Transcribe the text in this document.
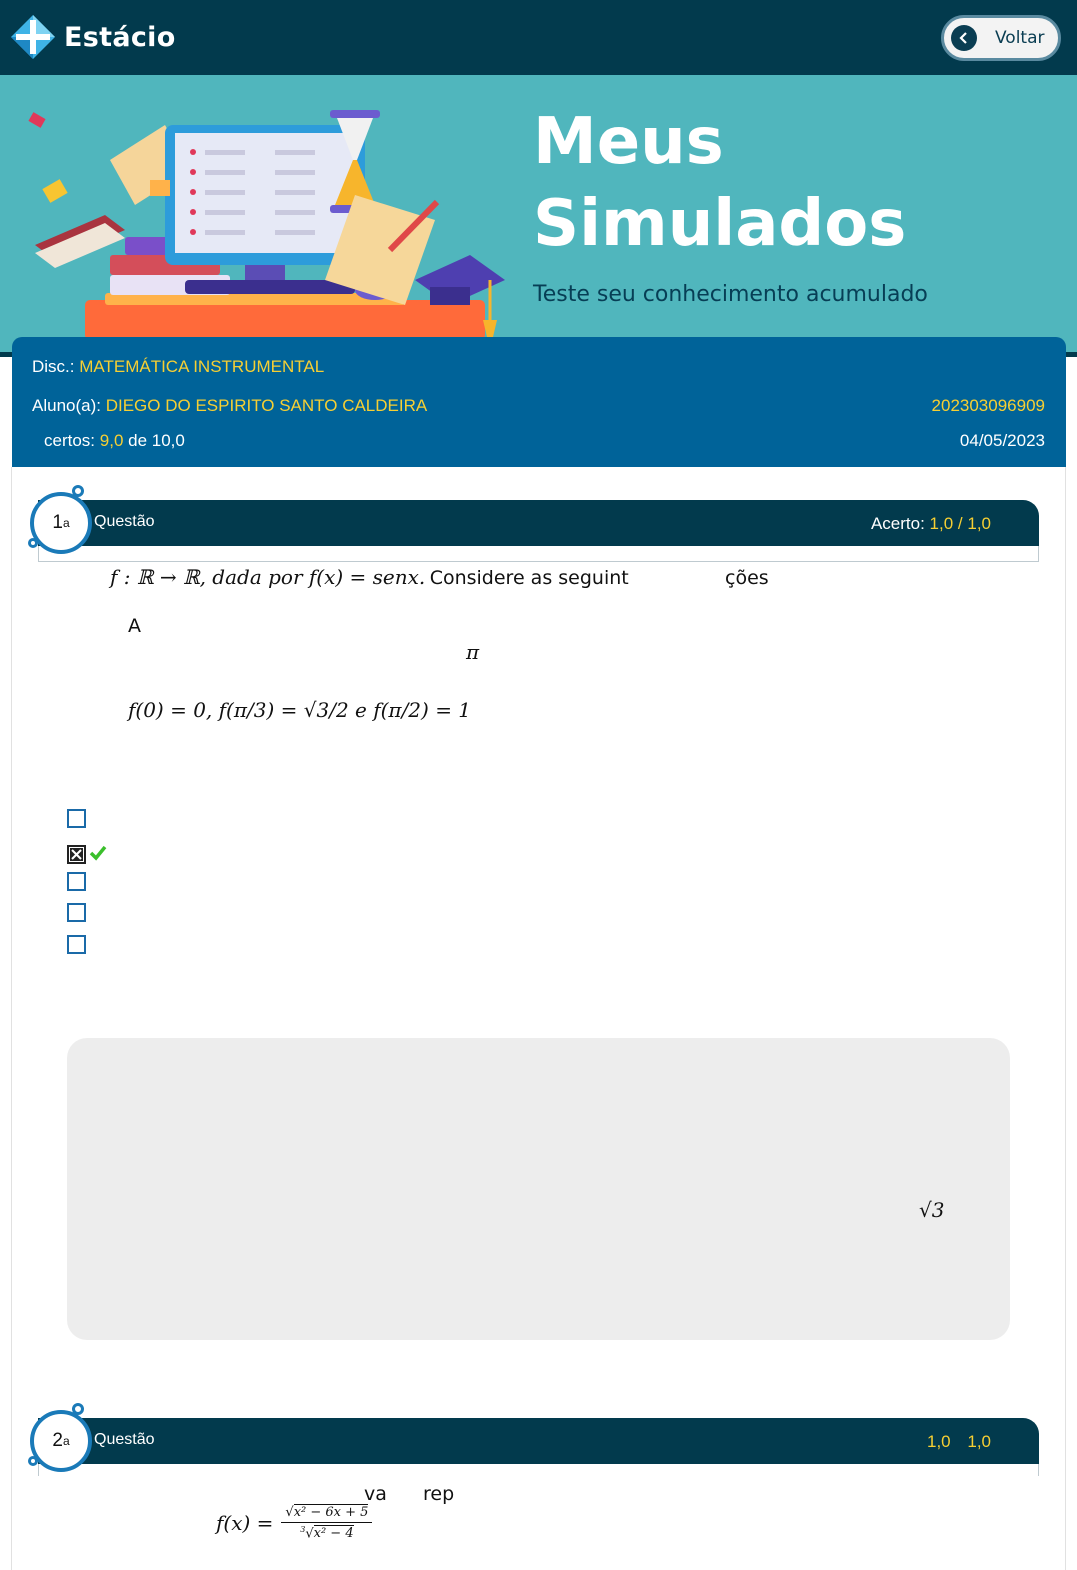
Estácio	Voltar
Meus
Simulados
Teste seu conhecimento acumulado
Disc.: MATEMÁTICA INSTRUMENTAL
Aluno(a): DIEGO DO ESPIRITO SANTO CALDEIRA	202303096909
certos: 9,0 de 10,0	04/05/2023
Questão	Acerto: 1,0 / 1,0
1 a
f : ℝ → ℝ, dada por f(x) = senx. Considere as seguint	ções
A
π
f(0) = 0, f(π/3) = √3/2 e f(π/2) = 1
√3
Questão	1,0 1,0
2 a
va rep
$f(x) = \frac{\text{√x² − 6x + 5}}{^3√x^2 - 4}$
